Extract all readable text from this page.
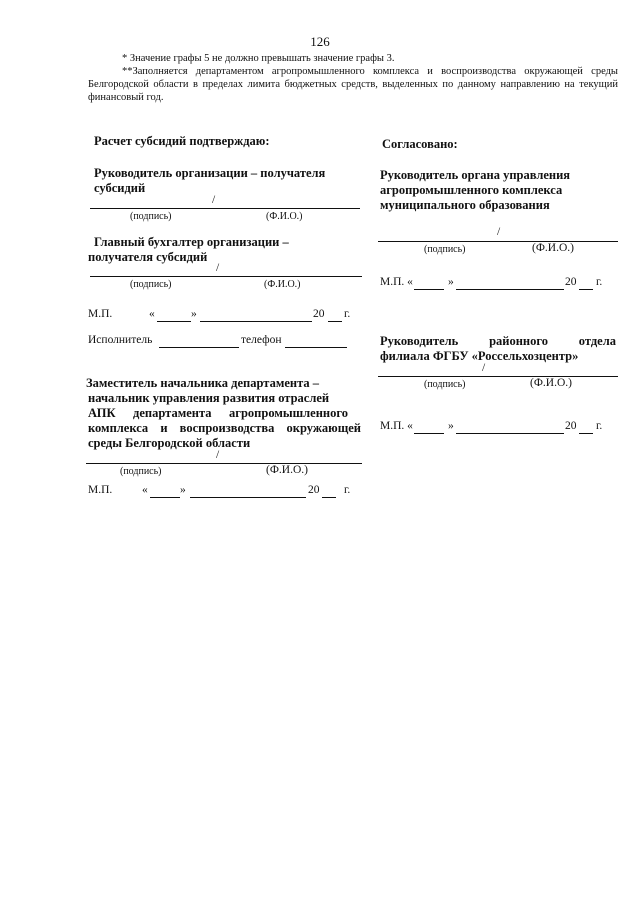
126
* Значение графы 5 не должно превышать значение графы 3.
**Заполняется департаментом агропромышленного комплекса и воспроизводства окружающей среды
Белгородской области в пределах лимита бюджетных средств, выделенных по данному направлению на текущий
финансовый год.
Расчет субсидий подтверждаю:
Руководитель организации – получателя
субсидий
/
(подпись)	(Ф.И.О.)
Главный бухгалтер организации –
получателя субсидий
/
(подпись)	(Ф.И.О.)
М.П.	«	»	20 г.
Исполнитель	телефон
Заместитель начальника департамента –
начальник управления развития отраслей
АПК департамента агропромышленного
комплекса и воспроизводства окружающей
среды Белгородской области
/
(подпись)	(Ф.И.О.)
М.П.	«	»	20 г.
Согласовано:
Руководитель органа управления
агропромышленного комплекса
муниципального образования
/
(подпись)	(Ф.И.О.)
М.П. «	»	20 г.
Руководитель районного отдела
филиала ФГБУ «Россельхозцентр»
/
(подпись)	(Ф.И.О.)
М.П. «	»	20 г.
